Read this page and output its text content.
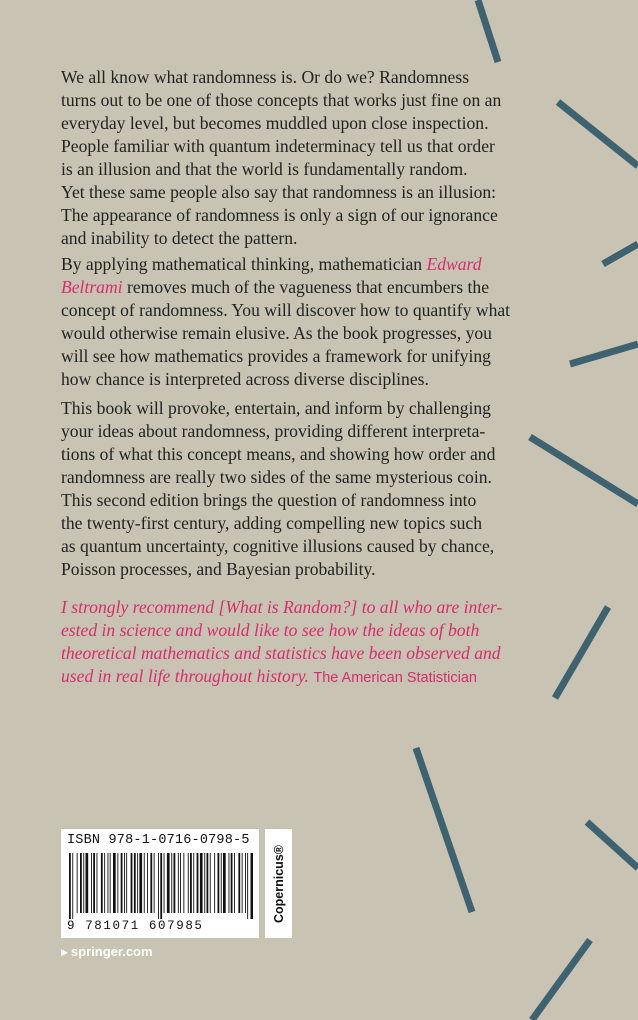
We all know what randomness is. Or do we? Randomness
turns out to be one of those concepts that works just fine on an
everyday level, but becomes muddled upon close inspection.
People familiar with quantum indeterminacy tell us that order
is an illusion and that the world is fundamentally random.
Yet these same people also say that randomness is an illusion:
The appearance of randomness is only a sign of our ignorance
and inability to detect the pattern.
By applying mathematical thinking, mathematician Edward
Beltrami removes much of the vagueness that encumbers the
concept of randomness. You will discover how to quantify what
would otherwise remain elusive. As the book progresses, you
will see how mathematics provides a framework for unifying
how chance is interpreted across diverse disciplines.
This book will provoke, entertain, and inform by challenging
your ideas about randomness, providing different interpreta-
tions of what this concept means, and showing how order and
randomness are really two sides of the same mysterious coin.
This second edition brings the question of randomness into
the twenty-first century, adding compelling new topics such
as quantum uncertainty, cognitive illusions caused by chance,
Poisson processes, and Bayesian probability.
I strongly recommend [What is Random?] to all who are inter-
ested in science and would like to see how the ideas of both
theoretical mathematics and statistics have been observed and
used in real life throughout history. The American Statistician
ISBN 978-1-0716-0798-5
9 781071 607985
Copernicus®
▶ springer.com
